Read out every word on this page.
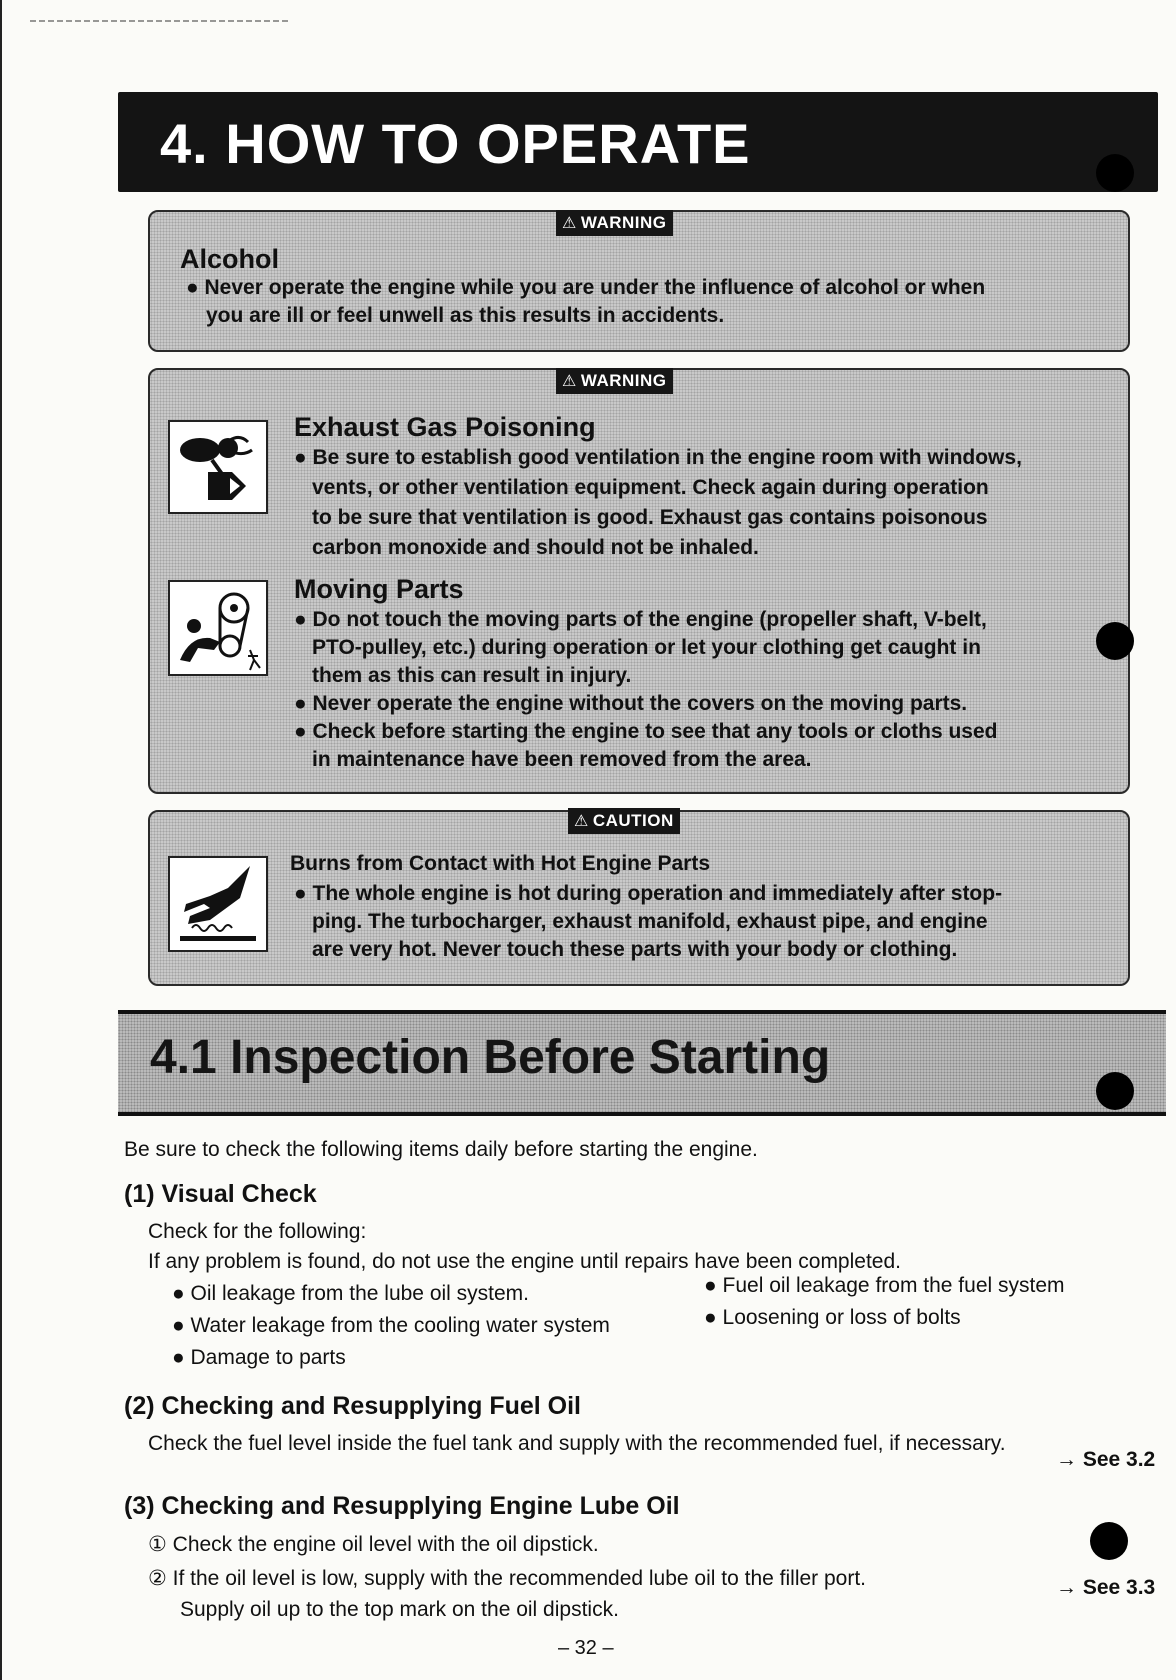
4. HOW TO OPERATE
⚠ WARNING
Alcohol
● Never operate the engine while you are under the influence of alcohol or when
you are ill or feel unwell as this results in accidents.
⚠ WARNING
Exhaust Gas Poisoning
● Be sure to establish good ventilation in the engine room with windows,
vents, or other ventilation equipment. Check again during operation
to be sure that ventilation is good. Exhaust gas contains poisonous
carbon monoxide and should not be inhaled.
Moving Parts
● Do not touch the moving parts of the engine (propeller shaft, V-belt,
PTO-pulley, etc.) during operation or let your clothing get caught in
them as this can result in injury.
● Never operate the engine without the covers on the moving parts.
● Check before starting the engine to see that any tools or cloths used
in maintenance have been removed from the area.
⚠ CAUTION
Burns from Contact with Hot Engine Parts
● The whole engine is hot during operation and immediately after stop-
ping. The turbocharger, exhaust manifold, exhaust pipe, and engine
are very hot. Never touch these parts with your body or clothing.
4.1 Inspection Before Starting
Be sure to check the following items daily before starting the engine.
(1) Visual Check
Check for the following:
If any problem is found, do not use the engine until repairs have been completed.
● Oil leakage from the lube oil system.	● Fuel oil leakage from the fuel system
● Water leakage from the cooling water system	● Loosening or loss of bolts
● Damage to parts
(2) Checking and Resupplying Fuel Oil
Check the fuel level inside the fuel tank and supply with the recommended fuel, if necessary.
→ See 3.2
(3) Checking and Resupplying Engine Lube Oil
① Check the engine oil level with the oil dipstick.
② If the oil level is low, supply with the recommended lube oil to the filler port.
Supply oil up to the top mark on the oil dipstick.
→ See 3.3
– 32 –
